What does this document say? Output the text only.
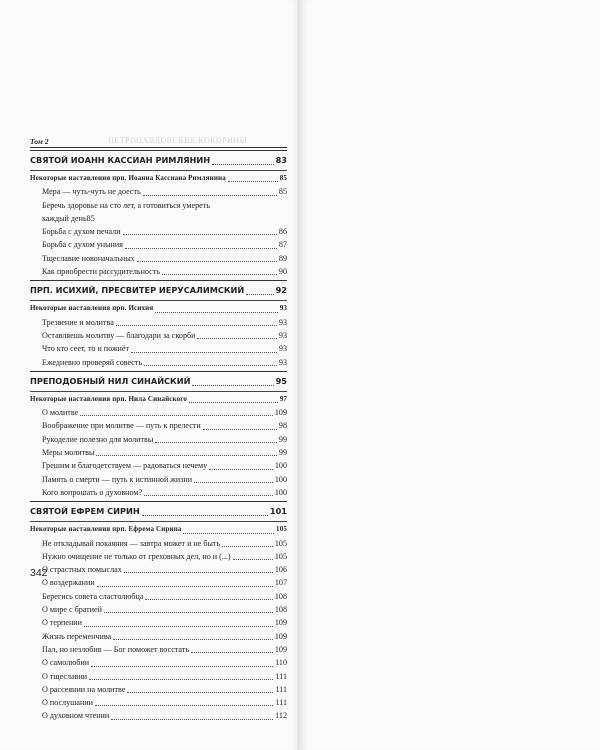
ПЕТРОПАВЛОВСКИЕ КОКОРИНЫ
Том 2
СВЯТОЙ ИОАНН КАССИАН РИМЛЯНИН	83
Некоторые наставления прп. Иоанна Кассиана Римлянина	85
Мера — чуть-чуть не доесть	85
Беречь здоровье на сто лет, а готовиться умереть
каждый день 85
Борьба с духом печали	86
Борьба с духом уныния	87
Тщеславие новоначальных	89
Как приобрести рассудительность	90
ПРП. ИСИХИЙ, ПРЕСВИТЕР ИЕРУСАЛИМСКИЙ	92
Некоторые наставления прп. Исихия	93
Трезвение и молитва	93
Оставляешь молитву — благодари за скорби	93
Что кто сеет, то и пожнёт	93
Ежедневно проверяй совесть	93
ПРЕПОДОБНЫЙ НИЛ СИНАЙСКИЙ	95
Некоторые наставления прп. Нила Синайского	97
О молитве	109
Воображение при молитве — путь к прелести	98
Рукоделие полезно для молитвы	99
Меры молитвы	99
Грешим и благодетствуем — радоваться нечему	100
Память о смерти — путь к истинной жизни	100
Кого вопрошать о духовном?	100
СВЯТОЙ ЕФРЕМ СИРИН	101
Некоторые наставления прп. Ефрема Сирина	105
Не откладывай покаяния — завтра может и не быть	105
Нужно очищение не только от греховных дел, но и (...)	105
О страстных помыслах	106
О воздержании	107
Берегись совета сластолюбца	108
О мире с братией	108
О терпении	109
Жизнь переменчива	109
Пал, но незлобив — Бог поможет восстать	109
О самолюбии	110
О тщеславии	111
О рассеянии на молитве	111
О послушании	111
О духовном чтении	112
342
